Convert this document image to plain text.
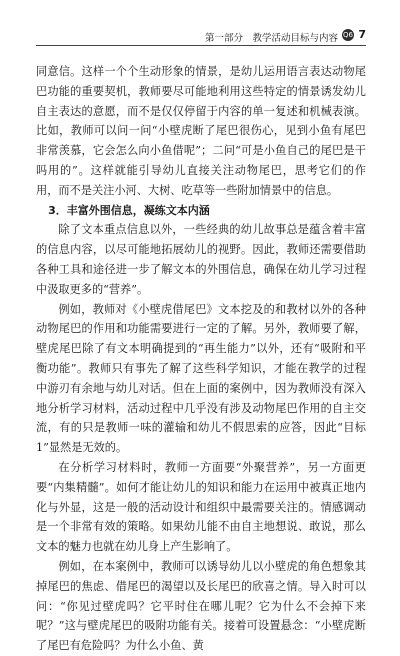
第一部分　教学活动目标与内容 Q6 7

同意信。这样一个个生动形象的情景，是幼儿运用语言表达动物尾巴功能的重要契机，教师要尽可能地利用这些特定的情景诱发幼儿自主表达的意愿，而不是仅仅停留于内容的单一复述和机械表演。比如，教师可以问一问“小壁虎断了尾巴很伤心，见到小鱼有尾巴非常羡慕，它会怎么向小鱼借呢”；二问“可是小鱼自己的尾巴是干吗用的”。这样就能引导幼儿直接关注动物尾巴，思考它们的作用，而不是关注小河、大树、吃草等一些附加情景中的信息。

3．丰富外围信息，凝练文本内涵

除了文本重点信息以外，一些经典的幼儿故事总是蕴含着丰富的信息内容，以尽可能地拓展幼儿的视野。因此，教师还需要借助各种工具和途径进一步了解文本的外围信息，确保在幼儿学习过程中汲取更多的“营养”。

例如，教师对《小壁虎借尾巴》文本挖及的和教材以外的各种动物尾巴的作用和功能需要进行一定的了解。另外，教师要了解，壁虎尾巴除了有文本明确提到的“再生能力”以外，还有“吸附和平衡功能”。教师只有事先了解了这些科学知识，才能在教学的过程中游刃有余地与幼儿对话。但在上面的案例中，因为教师没有深入地分析学习材料，活动过程中几乎没有涉及动物尾巴作用的自主交流，有的只是教师一味的灌输和幼儿不假思索的应答，因此“目标 1”显然是无效的。

在分析学习材料时，教师一方面要“外聚营养”，另一方面更要“内集精髓”。如何才能让幼儿的知识和能力在运用中被真正地内化与外显，这是一般的活动设计和组织中最需要关注的。情感调动是一个非常有效的策略。如果幼儿能不由自主地想说、敢说，那么文本的魅力也就在幼儿身上产生影响了。

例如，在本案例中，教师可以诱导幼儿以小壁虎的角色想象其掉尾巴的焦虑、借尾巴的渴望以及长尾巴的欣喜之情。导入时可以问：“你见过壁虎吗？它平时住在哪儿呢？它为什么不会掉下来呢？”这与壁虎尾巴的吸附功能有关。接着可设置悬念：“小壁虎断了尾巴有危险吗？为什么小鱼、黄
